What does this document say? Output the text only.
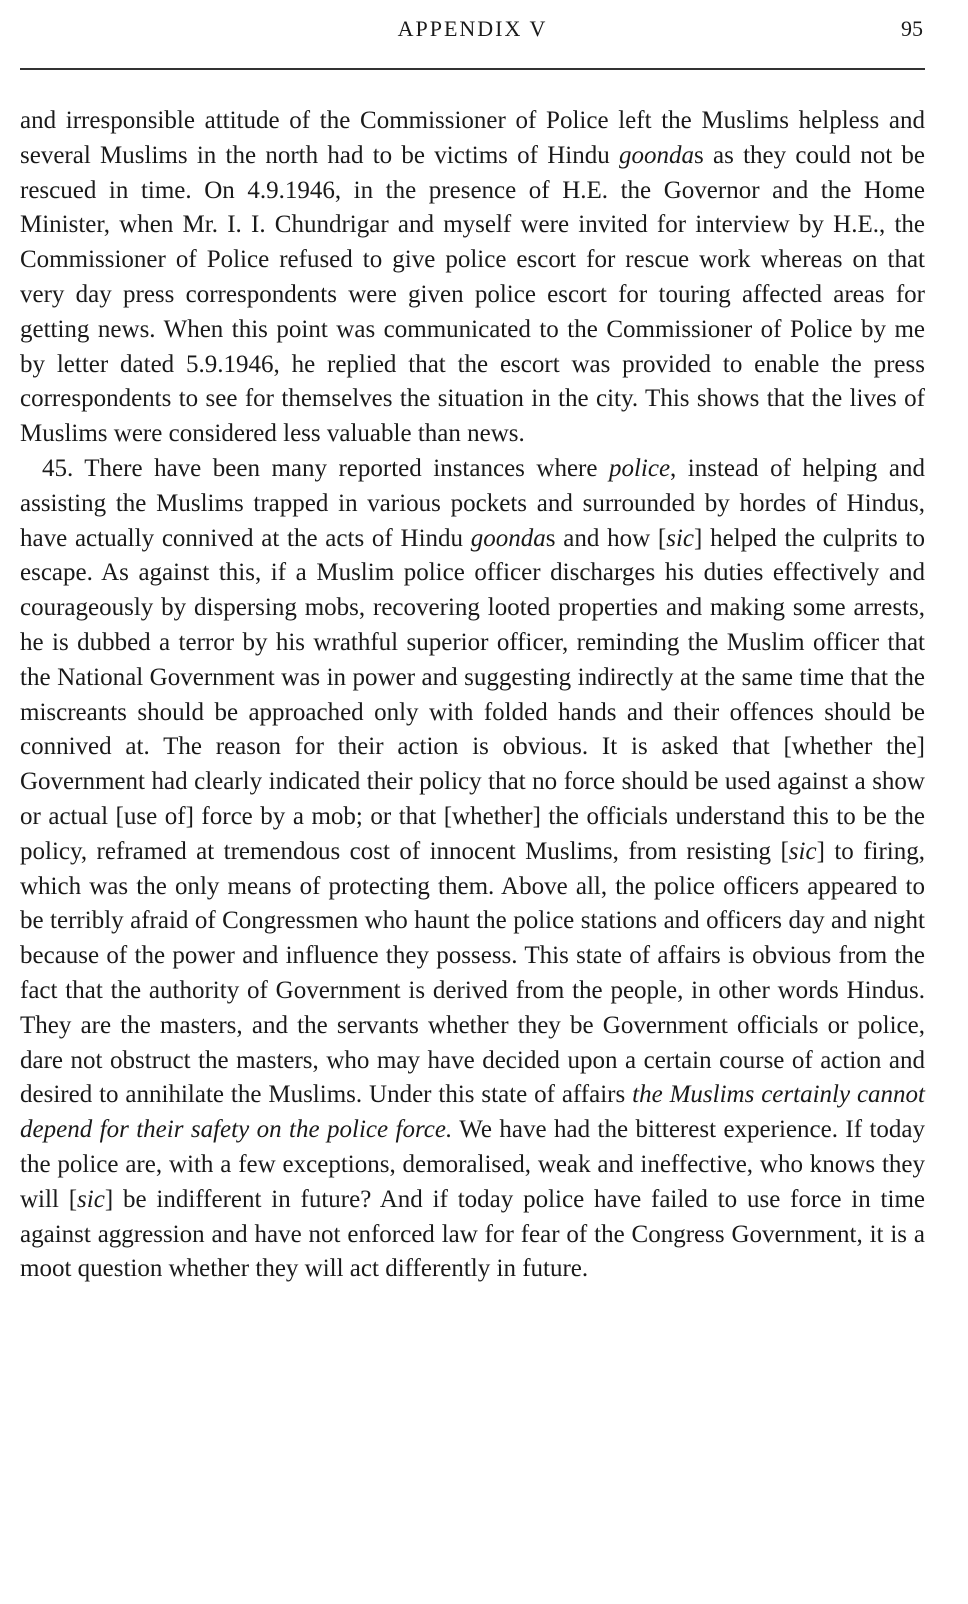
APPENDIX V	95

and irresponsible attitude of the Commissioner of Police left the Muslims helpless and several Muslims in the north had to be victims of Hindu goondas as they could not be rescued in time. On 4.9.1946, in the presence of H.E. the Governor and the Home Minister, when Mr. I. I. Chundrigar and myself were invited for interview by H.E., the Commissioner of Police refused to give police escort for rescue work whereas on that very day press correspondents were given police escort for touring affected areas for getting news. When this point was communicated to the Commissioner of Police by me by letter dated 5.9.1946, he replied that the escort was provided to enable the press correspondents to see for themselves the situation in the city. This shows that the lives of Muslims were considered less valuable than news.

45. There have been many reported instances where police, instead of helping and assisting the Muslims trapped in various pockets and surrounded by hordes of Hindus, have actually connived at the acts of Hindu goondas and how [sic] helped the culprits to escape. As against this, if a Muslim police officer discharges his duties effectively and courageously by dispersing mobs, recovering looted properties and making some arrests, he is dubbed a terror by his wrathful superior officer, reminding the Muslim officer that the National Government was in power and suggesting indirectly at the same time that the miscreants should be approached only with folded hands and their offences should be connived at. The reason for their action is obvious. It is asked that [whether the] Government had clearly indicated their policy that no force should be used against a show or actual [use of] force by a mob; or that [whether] the officials understand this to be the policy, reframed at tremendous cost of innocent Muslims, from resisting [sic] to firing, which was the only means of protecting them. Above all, the police officers appeared to be terribly afraid of Congressmen who haunt the police stations and officers day and night because of the power and influence they possess. This state of affairs is obvious from the fact that the authority of Government is derived from the people, in other words Hindus. They are the masters, and the servants whether they be Government officials or police, dare not obstruct the masters, who may have decided upon a certain course of action and desired to annihilate the Muslims. Under this state of affairs the Muslims certainly cannot depend for their safety on the police force. We have had the bitterest experience. If today the police are, with a few exceptions, demoralised, weak and ineffective, who knows they will [sic] be indifferent in future? And if today police have failed to use force in time against aggression and have not enforced law for fear of the Congress Government, it is a moot question whether they will act differently in future.
